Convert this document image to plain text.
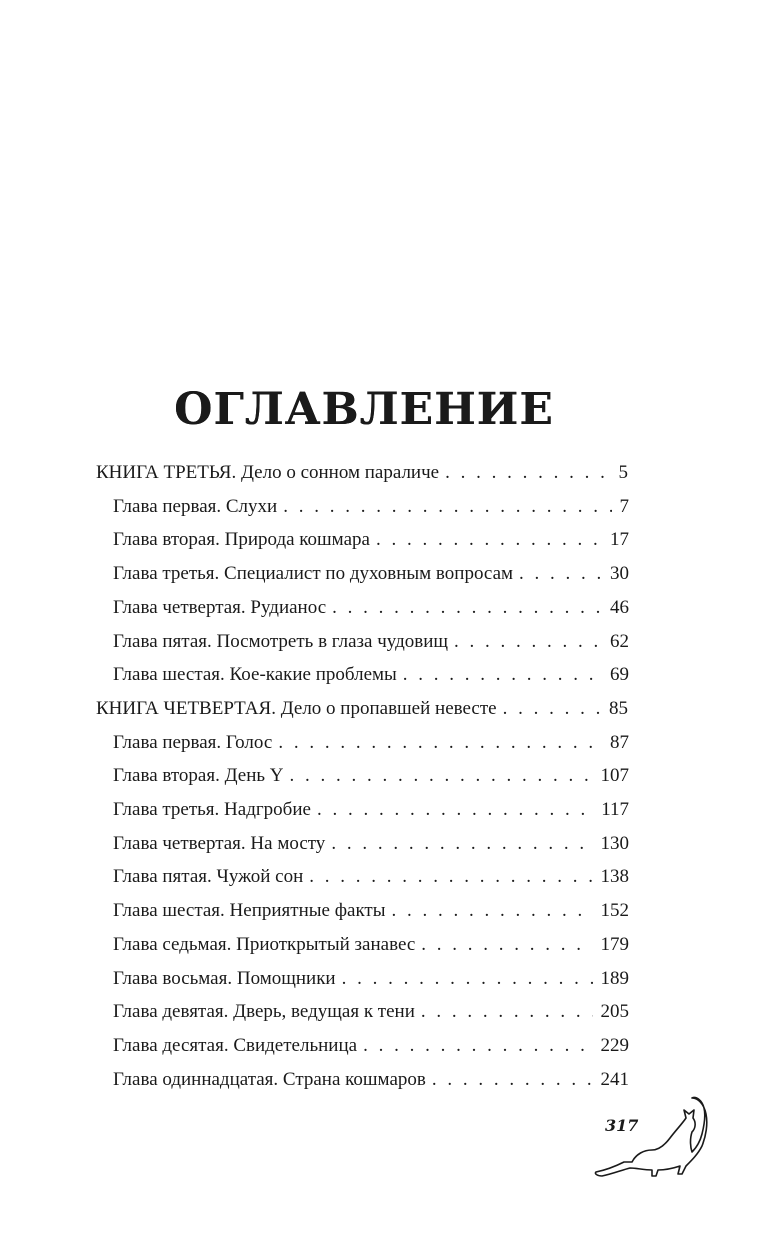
ОГЛАВЛЕНИЕ
КНИГА ТРЕТЬЯ. Дело о сонном параличе . . .	5
Глава первая. Слухи . . .	7
Глава вторая. Природа кошмара . . .	17
Глава третья. Специалист по духовным вопросам . . .	30
Глава четвертая. Рудианос . . .	46
Глава пятая. Посмотреть в глаза чудовищ . . .	62
Глава шестая. Кое-какие проблемы . . .	69
КНИГА ЧЕТВЕРТАЯ. Дело о пропавшей невесте . . .	85
Глава первая. Голос . . .	87
Глава вторая. День Y . . .	107
Глава третья. Надгробие . . .	117
Глава четвертая. На мосту . . .	130
Глава пятая. Чужой сон . . .	138
Глава шестая. Неприятные факты . . .	152
Глава седьмая. Приоткрытый занавес . . .	179
Глава восьмая. Помощники . . .	189
Глава девятая. Дверь, ведущая к тени . . .	205
Глава десятая. Свидетельница . . .	229
Глава одиннадцатая. Страна кошмаров . . .	241
317
